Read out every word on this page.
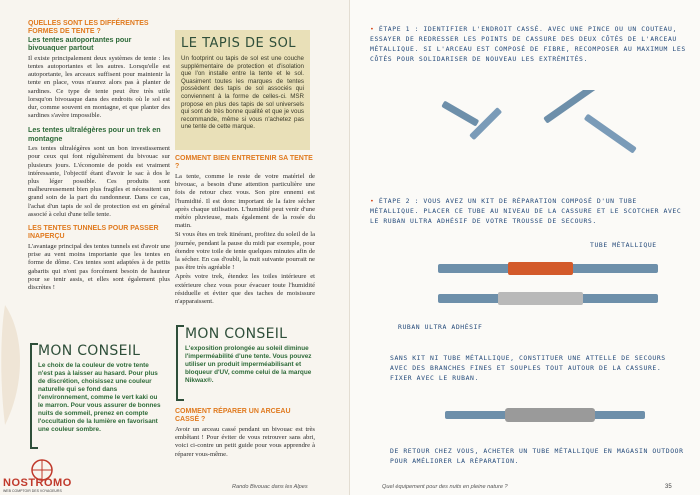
QUELLES SONT LES DIFFÉRENTES FORMES DE TENTE ?
Les tentes autoportantes pour bivouaquer partout

Il existe principalement deux systèmes de tente : les tentes autoportantes et les autres. Lorsqu'elle est autoportante, les arceaux suffisent pour maintenir la tente en place, vous n'aurez alors pas à planter de sardines. Ce type de tente peut être très utile lorsqu'on bivouaque dans des endroits où le sol est dur, comme souvent en montagne, et que planter des sardines s'avère impossible.

Les tentes ultralégères pour un trek en montagne

Les tentes ultralégères sont un bon investissement pour ceux qui font régulièrement du bivouac sur plusieurs jours. L'économie de poids est vraiment intéressante, l'objectif étant d'avoir le sac à dos le plus léger possible. Ces produits sont malheureusement bien plus fragiles et nécessitent un grand soin de la part du randonneur. Dans ce cas, l'achat d'un tapis de sol de protection est en général associé à celui d'une telle tente.

LES TENTES TUNNELS POUR PASSER INAPERÇU

L'avantage principal des tentes tunnels est d'avoir une prise au vent moins importante que les tentes en forme de dôme. Ces tentes sont adaptées à de petits gabarits qui n'ont pas forcément besoin de hauteur pour se tenir assis, et elles sont également plus discrètes !

MON CONSEIL
Le choix de la couleur de votre tente n'est pas à laisser au hasard. Pour plus de discrétion, choisissez une couleur naturelle qui se fond dans l'environnement, comme le vert kaki ou le marron. Pour vous assurer de bonnes nuits de sommeil, prenez en compte l'occultation de la lumière en favorisant une couleur sombre.
LE TAPIS DE SOL

Un footprint ou tapis de sol est une couche supplémentaire de protection et d'isolation que l'on installe entre la tente et le sol. Quasiment toutes les marques de tentes possèdent des tapis de sol associés qui conviennent à la forme de celles-ci. MSR propose en plus des tapis de sol universels qui sont de très bonne qualité et que je vous recommande, même si vous n'achetez pas une tente de cette marque.

COMMENT BIEN ENTRETENIR SA TENTE ?

La tente, comme le reste de votre matériel de bivouac, a besoin d'une attention particulière une fois de retour chez vous. Son pire ennemi est l'humidité. Il est donc important de la faire sécher après chaque utilisation. L'humidité peut venir d'une météo pluvieuse, mais également de la rosée du matin.

Si vous êtes en trek itinérant, profitez du soleil de la journée, pendant la pause du midi par exemple, pour étendre votre toile de tente quelques minutes afin de la sécher. En cas d'oubli, la nuit suivante pourrait ne pas être très agréable !

Après votre trek, étendez les toiles intérieure et extérieure chez vous pour évacuer toute l'humidité résiduelle et éviter que des taches de moisissure n'apparaissent.

MON CONSEIL
L'exposition prolongée au soleil diminue l'imperméabilité d'une tente. Vous pouvez utiliser un produit imperméabilisant et bloqueur d'UV, comme celui de la marque Nikwax®.
COMMENT RÉPARER UN ARCEAU CASSÉ ?

Avoir un arceau cassé pendant un bivouac est très embêtant ! Pour éviter de vous retrouver sans abri, voici ci-contre un petit guide pour vous apprendre à réparer vous-même.

NOSTROMO
WEB COMPTOIR DES VOYAGEURS
Rando Bivouac dans les Alpes
• ÉTAPE 1 : IDENTIFIER L'ENDROIT CASSÉ. AVEC UNE PINCE OU UN COUTEAU, ESSAYER DE REDRESSER LES POINTS DE CASSURE DES DEUX CÔTÉS DE L'ARCEAU MÉTALLIQUE. SI L'ARCEAU EST COMPOSÉ DE FIBRE, RECOMPOSER AU MAXIMUM LES CÔTÉS POUR SOLIDARISER DE NOUVEAU LES EXTRÉMITÉS.
• ÉTAPE 2 : VOUS AVEZ UN KIT DE RÉPARATION COMPOSÉ D'UN TUBE MÉTALLIQUE. PLACER CE TUBE AU NIVEAU DE LA CASSURE ET LE SCOTCHER AVEC LE RUBAN ULTRA ADHÉSIF DE VOTRE TROUSSE DE SECOURS.
TUBE MÉTALLIQUE
RUBAN ULTRA ADHÉSIF
SANS KIT NI TUBE MÉTALLIQUE, CONSTITUER UNE ATTELLE DE SECOURS AVEC DES BRANCHES FINES ET SOUPLES TOUT AUTOUR DE LA CASSURE. FIXER AVEC LE RUBAN.
DE RETOUR CHEZ VOUS, ACHETER UN TUBE MÉTALLIQUE EN MAGASIN OUTDOOR POUR AMÉLIORER LA RÉPARATION.
Quel équipement pour des nuits en pleine nature ?	35
